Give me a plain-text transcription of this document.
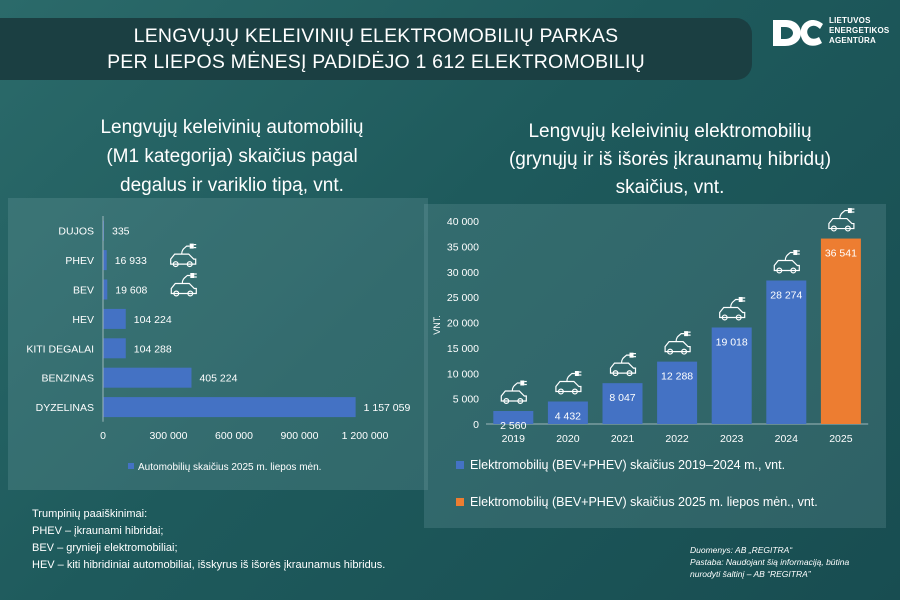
LENGVŲJŲ KELEIVINIŲ ELEKTROMOBILIŲ PARKAS
PER LIEPOS MĖNESĮ PADIDĖJO 1 612 ELEKTROMOBILIŲ
LIETUVOS
ENERGETIKOS
AGENTŪRA
Lengvųjų keleivinių automobilių
(M1 kategorija) skaičius pagal
degalus ir variklio tipą, vnt.
Lengvųjų keleivinių elektromobilių
(grynųjų ir iš išorės įkraunamų hibridų)
skaičius, vnt.
DUJOS 335
PHEV 16 933
BEV 19 608
HEV	104 224
KITI DEGALAI	104 288
BENZINAS	405 224
DYZELINAS	1 157 059
0	300 000	600 000	900 000 1 200 000
Automobilių skaičius 2025 m. liepos mėn.
0
5 000
10 000
15 000
20 000
25 000
30 000
35 000
40 000
VNT.
2 560
2019
4 432
2020
8 047
2021
12 288
2022
19 018
2023
28 274
2024
36 541
2025
Elektromobilių (BEV+PHEV) skaičius 2019–2024 m., vnt.
Elektromobilių (BEV+PHEV) skaičius 2025 m. liepos mėn., vnt.
Trumpinių paaiškinimai:
PHEV – įkraunami hibridai;
BEV – grynieji elektromobiliai;
HEV – kiti hibridiniai automobiliai, išskyrus iš išorės įkraunamus hibridus.
Duomenys: AB „REGITRA“
Pastaba: Naudojant šią informaciją, būtina
nurodyti šaltinį – AB “REGITRA”
